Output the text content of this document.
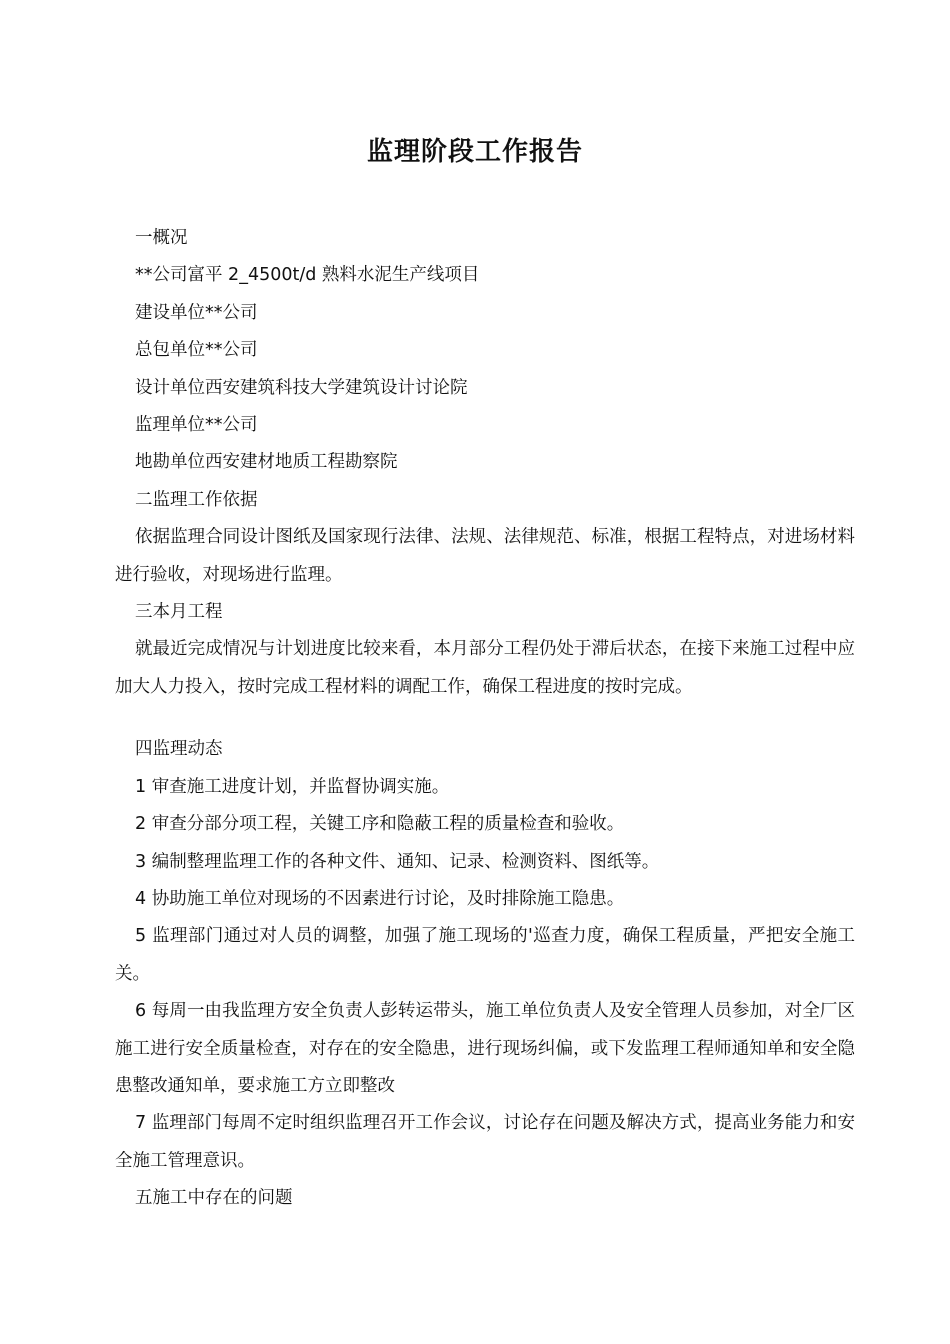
监理阶段工作报告

一概况

**公司富平 2_4500t/d 熟料水泥生产线项目

建设单位**公司

总包单位**公司

设计单位西安建筑科技大学建筑设计讨论院

监理单位**公司

地勘单位西安建材地质工程勘察院

二监理工作依据

依据监理合同设计图纸及国家现行法律、法规、法律规范、标准，根据工程特点，对进场材料进行验收，对现场进行监理。

三本月工程

就最近完成情况与计划进度比较来看，本月部分工程仍处于滞后状态，在接下来施工过程中应加大人力投入，按时完成工程材料的调配工作，确保工程进度的按时完成。

四监理动态

1 审查施工进度计划，并监督协调实施。

2 审查分部分项工程，关键工序和隐蔽工程的质量检查和验收。

3 编制整理监理工作的各种文件、通知、记录、检测资料、图纸等。

4 协助施工单位对现场的不因素进行讨论，及时排除施工隐患。

5 监理部门通过对人员的调整，加强了施工现场的'巡查力度，确保工程质量，严把安全施工关。

6 每周一由我监理方安全负责人彭转运带头，施工单位负责人及安全管理人员参加，对全厂区施工进行安全质量检查，对存在的安全隐患，进行现场纠偏，或下发监理工程师通知单和安全隐患整改通知单，要求施工方立即整改

7 监理部门每周不定时组织监理召开工作会议，讨论存在问题及解决方式，提高业务能力和安全施工管理意识。

五施工中存在的问题
